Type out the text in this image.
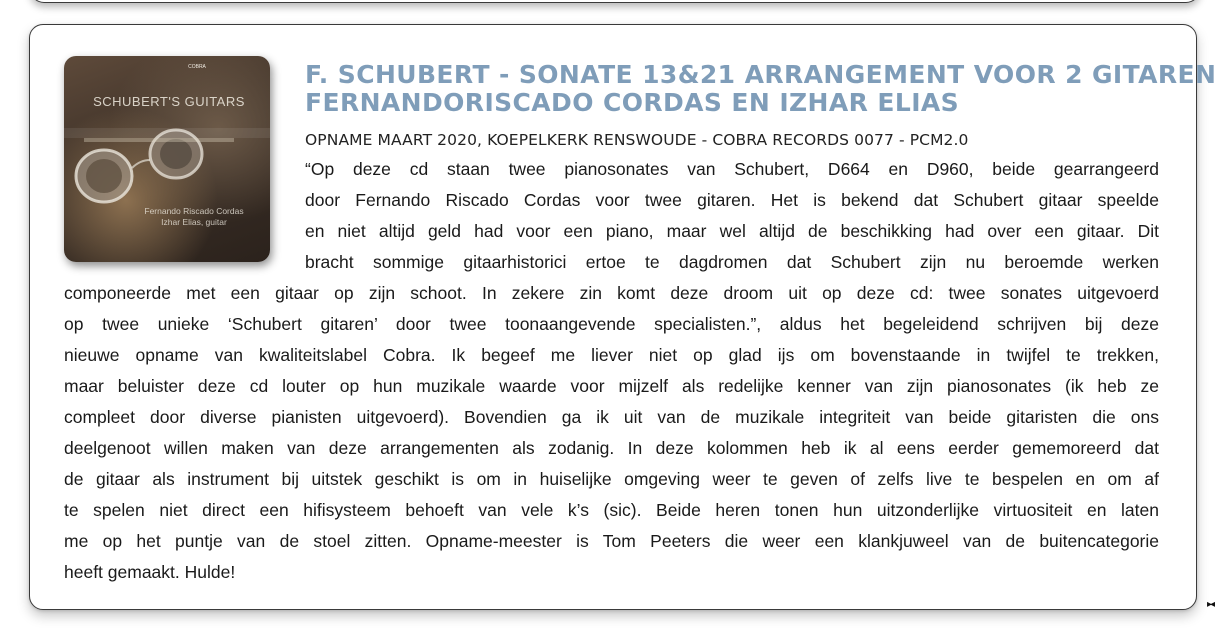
COBRA
SCHUBERT'S GUITARS
Fernando Riscado Cordas
Izhar Elias, guitar
F. SCHUBERT - SONATE 13&21 ARRANGEMENT VOOR 2 GITAREN
FERNANDORISCADO CORDAS EN IZHAR ELIAS
OPNAME MAART 2020, KOEPELKERK RENSWOUDE - COBRA RECORDS 0077 - PCM2.0
“Op deze cd staan twee pianosonates van Schubert, D664 en D960, beide gearrangeerd
door Fernando Riscado Cordas voor twee gitaren. Het is bekend dat Schubert gitaar speelde
en niet altijd geld had voor een piano, maar wel altijd de beschikking had over een gitaar. Dit
bracht sommige gitaarhistorici ertoe te dagdromen dat Schubert zijn nu beroemde werken
componeerde met een gitaar op zijn schoot. In zekere zin komt deze droom uit op deze cd: twee sonates uitgevoerd
op twee unieke ‘Schubert gitaren’ door twee toonaangevende specialisten.”, aldus het begeleidend schrijven bij deze
nieuwe opname van kwaliteitslabel Cobra. Ik begeef me liever niet op glad ijs om bovenstaande in twijfel te trekken,
maar beluister deze cd louter op hun muzikale waarde voor mijzelf als redelijke kenner van zijn pianosonates (ik heb ze
compleet door diverse pianisten uitgevoerd). Bovendien ga ik uit van de muzikale integriteit van beide gitaristen die ons
deelgenoot willen maken van deze arrangementen als zodanig. In deze kolommen heb ik al eens eerder gememoreerd dat
de gitaar als instrument bij uitstek geschikt is om in huiselijke omgeving weer te geven of zelfs live te bespelen en om af
te spelen niet direct een hifisysteem behoeft van vele k’s (sic). Beide heren tonen hun uitzonderlijke virtuositeit en laten
me op het puntje van de stoel zitten. Opname-meester is Tom Peeters die weer een klankjuweel van de buitencategorie
heeft gemaakt. Hulde!
▸◂
